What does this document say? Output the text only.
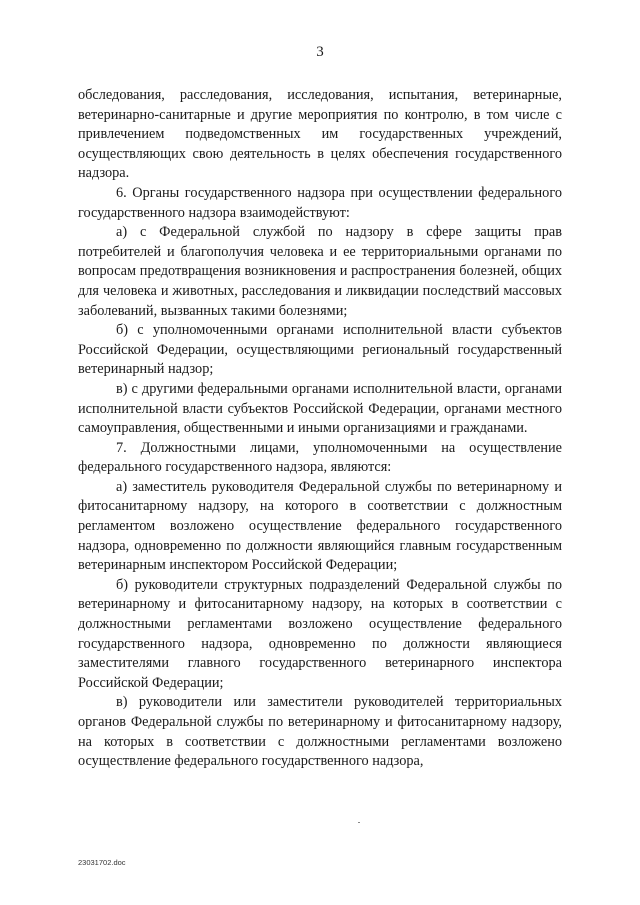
3

обследования, расследования, исследования, испытания, ветеринарные, ветеринарно-санитарные и другие мероприятия по контролю, в том числе с привлечением подведомственных им государственных учреждений, осуществляющих свою деятельность в целях обеспечения государственного надзора.

6. Органы государственного надзора при осуществлении федерального государственного надзора взаимодействуют:

а) с Федеральной службой по надзору в сфере защиты прав потребителей и благополучия человека и ее территориальными органами по вопросам предотвращения возникновения и распространения болезней, общих для человека и животных, расследования и ликвидации последствий массовых заболеваний, вызванных такими болезнями;

б) с уполномоченными органами исполнительной власти субъектов Российской Федерации, осуществляющими региональный государственный ветеринарный надзор;

в) с другими федеральными органами исполнительной власти, органами исполнительной власти субъектов Российской Федерации, органами местного самоуправления, общественными и иными организациями и гражданами.

7. Должностными лицами, уполномоченными на осуществление федерального государственного надзора, являются:

а) заместитель руководителя Федеральной службы по ветеринарному и фитосанитарному надзору, на которого в соответствии с должностным регламентом возложено осуществление федерального государственного надзора, одновременно по должности являющийся главным государственным ветеринарным инспектором Российской Федерации;

б) руководители структурных подразделений Федеральной службы по ветеринарному и фитосанитарному надзору, на которых в соответствии с должностными регламентами возложено осуществление федерального государственного надзора, одновременно по должности являющиеся заместителями главного государственного ветеринарного инспектора Российской Федерации;

в) руководители или заместители руководителей территориальных органов Федеральной службы по ветеринарному и фитосанитарному надзору, на которых в соответствии с должностными регламентами возложено осуществление федерального государственного надзора,

23031702.doc
